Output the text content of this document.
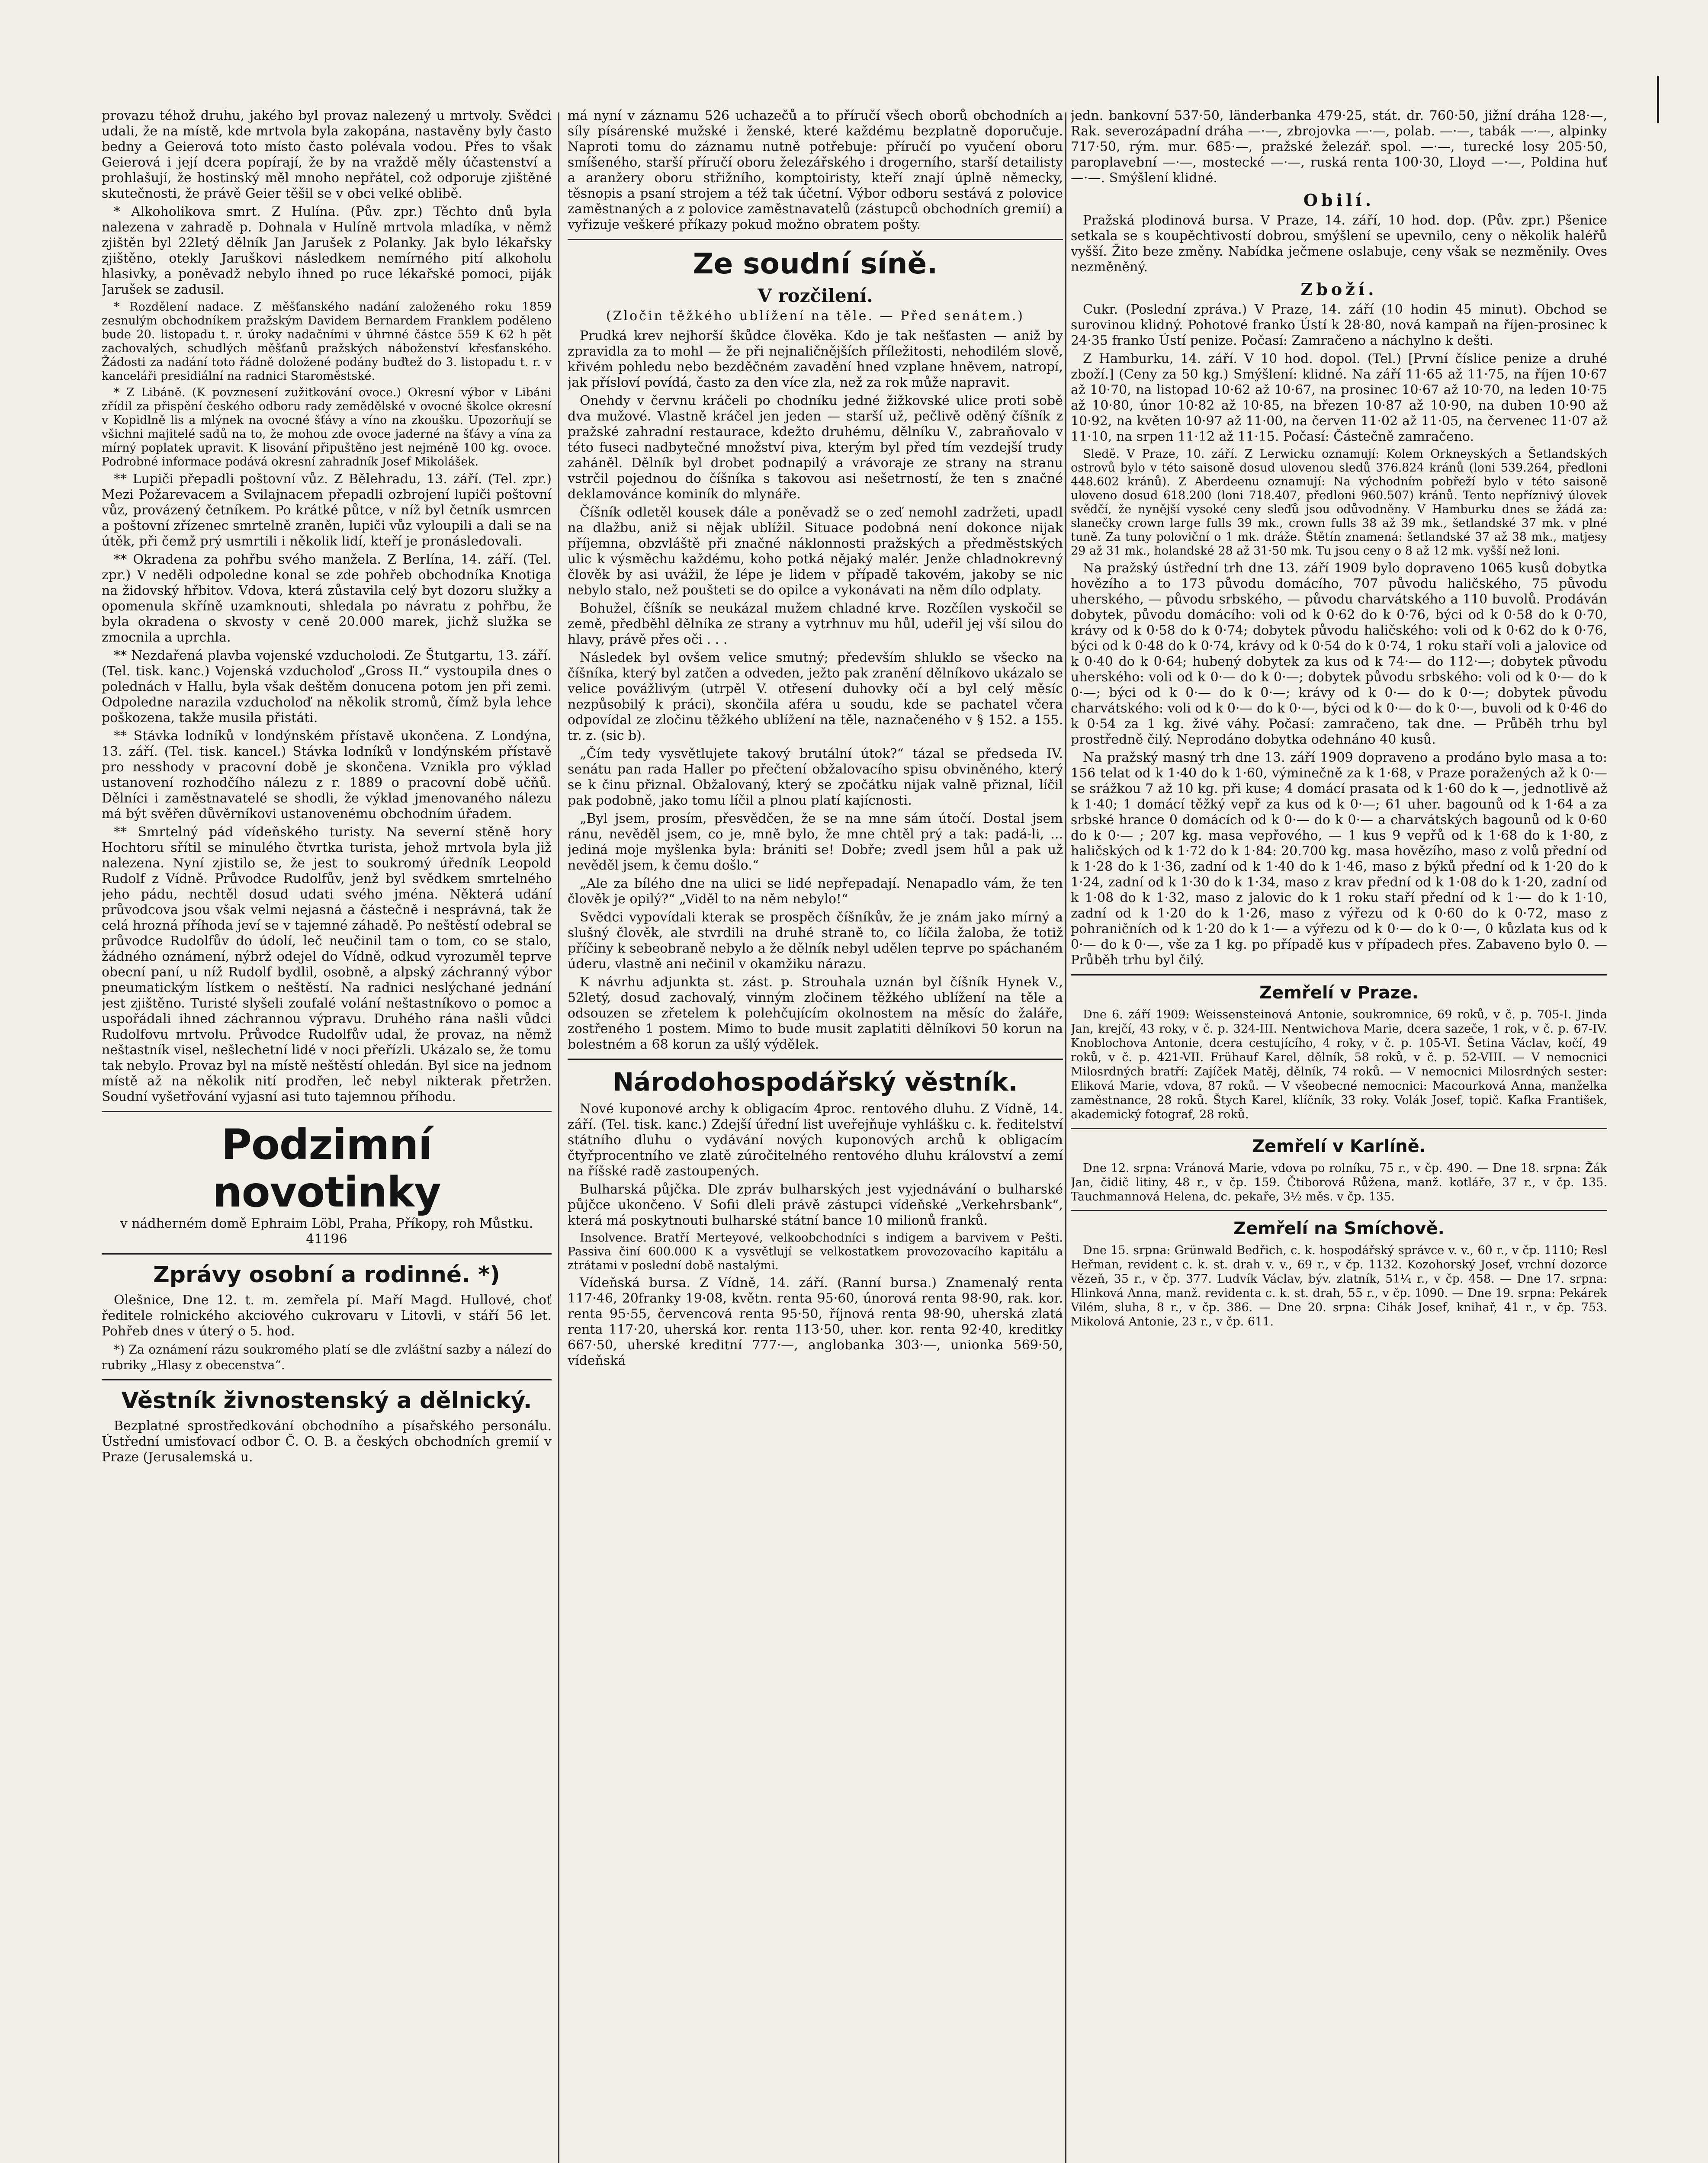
provazu téhož druhu, jakého byl provaz nalezený u mrtvoly. Svědci udali, že na místě, kde mrtvola byla zakopána, nastavěny byly často bedny a Geierová toto místo často polévala vodou. Přes to však Geierová i její dcera popírají, že by na vraždě měly účastenství a prohlašují, že hostinský měl mnoho nepřátel, což odporuje zjištěné skutečnosti, že právě Geier těšil se v obci velké oblibě.

* Alkoholikova smrt. Z Hulína. (Pův. zpr.) Těchto dnů byla nalezena v zahradě p. Dohnala v Hulíně mrtvola mladíka, v němž zjištěn byl 22letý dělník Jan Jarušek z Polanky. Jak bylo lékařsky zjištěno, otekly Jaruškovi následkem nemírného pití alkoholu hlasivky, a poněvadž nebylo ihned po ruce lékařské pomoci, piják Jarušek se zadusil.

* Rozdělení nadace. Z měšťanského nadání založeného roku 1859 zesnulým obchodníkem pražským Davidem Bernardem Franklem poděleno bude 20. listopadu t. r. úroky nadačními v úhrnné částce 559 K 62 h pět zachovalých, schudlých měšťanů pražských náboženství křesťanského. Žádosti za nadání toto řádně doložené podány buďtež do 3. listopadu t. r. v kanceláři presidiální na radnici Staroměstské.

* Z Libáně. (K povznesení zužitkování ovoce.) Okresní výbor v Libáni zřídil za přispění českého odboru rady zemědělské v ovocné školce okresní v Kopidlně lis a mlýnek na ovocné šťávy a víno na zkoušku. Upozorňují se všichni majitelé sadů na to, že mohou zde ovoce jaderné na šťávy a vína za mírný poplatek upravit. K lisování připuštěno jest nejméně 100 kg. ovoce. Podrobné informace podává okresní zahradník Josef Mikolášek.

** Lupiči přepadli poštovní vůz. Z Bělehradu, 13. září. (Tel. zpr.) Mezi Požarevacem a Svilajnacem přepadli ozbrojení lupiči poštovní vůz, provázený četníkem. Po krátké půtce, v níž byl četník usmrcen a poštovní zřízenec smrtelně zraněn, lupiči vůz vyloupili a dali se na útěk, při čemž prý usmrtili i několik lidí, kteří je pronásledovali.

** Okradena za pohřbu svého manžela. Z Berlína, 14. září. (Tel. zpr.) V neděli odpoledne konal se zde pohřeb obchodníka Knotiga na židovský hřbitov. Vdova, která zůstavila celý byt dozoru služky a opomenula skříně uzamknouti, shledala po návratu z pohřbu, že byla okradena o skvosty v ceně 20.000 marek, jichž služka se zmocnila a uprchla.

** Nezdařená plavba vojenské vzducholodi. Ze Štutgartu, 13. září. (Tel. tisk. kanc.) Vojenská vzducholoď „Gross II.“ vystoupila dnes o polednách v Hallu, byla však deštěm donucena potom jen při zemi. Odpoledne narazila vzducholoď na několik stromů, čímž byla lehce poškozena, takže musila přistáti.

** Stávka lodníků v londýnském přístavě ukončena. Z Londýna, 13. září. (Tel. tisk. kancel.) Stávka lodníků v londýnském přístavě pro nesshody v pracovní době je skončena. Vznikla pro výklad ustanovení rozhodčího nálezu z r. 1889 o pracovní době učňů. Dělníci i zaměstnavatelé se shodli, že výklad jmenovaného nálezu má být svěřen důvěrníkovi ustanovenému obchodním úřadem.

** Smrtelný pád vídeňského turisty. Na severní stěně hory Hochtoru sřítil se minulého čtvrtka turista, jehož mrtvola byla již nalezena. Nyní zjistilo se, že jest to soukromý úředník Leopold Rudolf z Vídně. Průvodce Rudolfův, jenž byl svědkem smrtelného jeho pádu, nechtěl dosud udati svého jména. Některá udání průvodcova jsou však velmi nejasná a částečně i nesprávná, tak že celá hrozná příhoda jeví se v tajemné záhadě. Po neštěstí odebral se průvodce Rudolfův do údolí, leč neučinil tam o tom, co se stalo, žádného oznámení, nýbrž odejel do Vídně, odkud vyrozuměl teprve obecní paní, u níž Rudolf bydlil, osobně, a alpský záchranný výbor pneumatickým lístkem o neštěstí. Na radnici neslýchané jednání jest zjištěno. Turisté slyšeli zoufalé volání neštastníkovo o pomoc a uspořádali ihned záchrannou výpravu. Druhého rána našli vůdci Rudolfovu mrtvolu. Průvodce Rudolfův udal, že provaz, na němž neštastník visel, nešlechetní lidé v noci přeřízli. Ukázalo se, že tomu tak nebylo. Provaz byl na místě neštěstí ohledán. Byl sice na jednom místě až na několik nití prodřen, leč nebyl nikterak přetržen. Soudní vyšetřování vyjasní asi tuto tajemnou příhodu.

Podzimní novotinky
v nádherném domě Ephraim Löbl, Praha, Příkopy, roh Můstku. 41196
Zprávy osobní a rodinné. *)

Olešnice, Dne 12. t. m. zemřela pí. Maří Magd. Hullové, choť ředitele rolnického akciového cukrovaru v Litovli, v stáří 56 let. Pohřeb dnes v úterý o 5. hod.

*) Za oznámení rázu soukromého platí se dle zvláštní sazby a nálezí do rubriky „Hlasy z obecenstva“.

Věstník živnostenský a dělnický.

Bezplatné sprostředkování obchodního a písařského personálu. Ústřední umisťovací odbor Č. O. B. a českých obchodních gremií v Praze (Jerusalemská u.

má nyní v záznamu 526 uchazečů a to příručí všech oborů obchodních a síly písárenské mužské i ženské, které každému bezplatně doporučuje. Naproti tomu do záznamu nutně potřebuje: příručí po vyučení oboru smíšeného, starší příručí oboru železářského i drogerního, starší detailisty a aranžery oboru střižního, komptoiristy, kteří znají úplně německy, těsnopis a psaní strojem a též tak účetní. Výbor odboru sestává z polovice zaměstnaných a z polovice zaměstnavatelů (zástupců obchodních gremií) a vyřizuje veškeré příkazy pokud možno obratem pošty.

Ze soudní síně.
V rozčilení.
(Zločin těžkého ublížení na těle. — Před senátem.)

Prudká krev nejhorší škůdce člověka. Kdo je tak nešťasten — aniž by zpravidla za to mohl — že při nejnaličnějších příležitosti, nehodilém slově, křivém pohledu nebo bezděčném zavadění hned vzplane hněvem, natropí, jak přísloví povídá, často za den více zla, než za rok může napravit.

Onehdy v červnu kráčeli po chodníku jedné žižkovské ulice proti sobě dva mužové. Vlastně kráčel jen jeden — starší už, pečlivě oděný číšník z pražské zahradní restaurace, kdežto druhému, dělníku V., zabraňovalo v této fuseci nadbytečné množství piva, kterým byl před tím vezdejší trudy zaháněl. Dělník byl drobet podnapilý a vrávoraje ze strany na stranu vstrčil pojednou do číšníka s takovou asi nešetrností, že ten s značné deklamovánce kominík do mlynáře.

Číšník odletěl kousek dále a poněvadž se o zeď nemohl zadržeti, upadl na dlažbu, aniž si nějak ublížil. Situace podobná není dokonce nijak příjemna, obzvláště při značné náklonnosti pražských a předměstských ulic k výsměchu každému, koho potká nějaký malér. Jenže chladnokrevný člověk by asi uvážil, že lépe je lidem v případě takovém, jakoby se nic nebylo stalo, než poušteti se do opilce a vykonávati na něm dílo odplaty.

Bohužel, číšník se neukázal mužem chladné krve. Rozčílen vyskočil se země, předběhl dělníka ze strany a vytrhnuv mu hůl, udeřil jej vší silou do hlavy, právě přes oči . . .

Následek byl ovšem velice smutný; především shluklo se všecko na číšníka, který byl zatčen a odveden, ježto pak zranění dělníkovo ukázalo se velice povážlivým (utrpěl V. otřesení duhovky očí a byl celý měsíc nezpůsobilý k práci), skončila aféra u soudu, kde se pachatel včera odpovídal ze zločinu těžkého ublížení na těle, naznačeného v § 152. a 155. tr. z. (sic b).

„Čím tedy vysvětlujete takový brutální útok?“ tázal se předseda IV. senátu pan rada Haller po přečtení obžalovacího spisu obviněného, který se k činu přiznal. Obžalovaný, který se zpočátku nijak valně přiznal, líčil pak podobně, jako tomu líčil a plnou platí kajícnosti.

„Byl jsem, prosím, přesvědčen, že se na mne sám útočí. Dostal jsem ránu, nevěděl jsem, co je, mně bylo, že mne chtěl prý a tak: padá-li, ... jediná moje myšlenka byla: brániti se! Dobře; zvedl jsem hůl a pak už nevěděl jsem, k čemu došlo.“

„Ale za bílého dne na ulici se lidé nepřepadají. Nenapadlo vám, že ten člověk je opilý?“ „Viděl to na něm nebylo!“

Svědci vypovídali kterak se prospěch číšníkův, že je znám jako mírný a slušný člověk, ale stvrdili na druhé straně to, co líčila žaloba, že totiž příčiny k sebeobraně nebylo a že dělník nebyl udělen teprve po spáchaném úderu, vlastně ani nečinil v okamžiku nárazu.

K návrhu adjunkta st. zást. p. Strouhala uznán byl číšník Hynek V., 52letý, dosud zachovalý, vinným zločinem těžkého ublížení na těle a odsouzen se zřetelem k polehčujícím okolnostem na měsíc do žaláře, zostřeného 1 postem. Mimo to bude musit zaplatiti dělníkovi 50 korun na bolestném a 68 korun za ušlý výdělek.

Národohospodářský věstník.

Nové kuponové archy k obligacím 4proc. rentového dluhu. Z Vídně, 14. září. (Tel. tisk. kanc.) Zdejší úřední list uveřejňuje vyhlášku c. k. ředitelství státního dluhu o vydávání nových kuponových archů k obligacím čtyřprocentního ve zlatě zúročitelného rentového dluhu království a zemí na říšské radě zastoupených.

Bulharská půjčka. Dle zpráv bulharských jest vyjednávání o bulharské půjčce ukončeno. V Sofii dleli právě zástupci vídeňské „Verkehrsbank“, která má poskytnouti bulharské státní bance 10 milionů franků.

Insolvence. Bratří Merteyové, velkoobchodníci s indigem a barvivem v Pešti. Passiva činí 600.000 K a vysvětlují se velkostatkem provozovacího kapitálu a ztrátami v poslední době nastalými.

Vídeňská bursa. Z Vídně, 14. září. (Ranní bursa.) Znamenalý renta 117·46, 20franky 19·08, květn. renta 95·60, únorová renta 98·90, rak. kor. renta 95·55, červencová renta 95·50, říjnová renta 98·90, uherská zlatá renta 117·20, uherská kor. renta 113·50, uher. kor. renta 92·40, kreditky 667·50, uherské kreditní 777·—, anglobanka 303·—, unionka 569·50, vídeňská

jedn. bankovní 537·50, länderbanka 479·25, stát. dr. 760·50, jižní dráha 128·—, Rak. severozápadní dráha —·—, zbrojovka —·—, polab. —·—, tabák —·—, alpinky 717·50, rým. mur. 685·—, pražské železář. spol. —·—, turecké losy 205·50, paroplavební —·—, mostecké —·—, ruská renta 100·30, Lloyd —·—, Poldina huť —·—. Smýšlení klidné.

Obilí.

Pražská plodinová bursa. V Praze, 14. září, 10 hod. dop. (Pův. zpr.) Pšenice setkala se s koupěchtivostí dobrou, smýšlení se upevnilo, ceny o několik haléřů vyšší. Žito beze změny. Nabídka ječmene oslabuje, ceny však se nezměnily. Oves nezměněný.

Zboží.

Cukr. (Poslední zpráva.) V Praze, 14. září (10 hodin 45 minut). Obchod se surovinou klidný. Pohotové franko Ústí k 28·80, nová kampaň na říjen-prosinec k 24·35 franko Ústí penize. Počasí: Zamračeno a náchylno k dešti.

Z Hamburku, 14. září. V 10 hod. dopol. (Tel.) [První číslice penize a druhé zboží.] (Ceny za 50 kg.) Smýšlení: klidné. Na září 11·65 až 11·75, na říjen 10·67 až 10·70, na listopad 10·62 až 10·67, na prosinec 10·67 až 10·70, na leden 10·75 až 10·80, únor 10·82 až 10·85, na březen 10·87 až 10·90, na duben 10·90 až 10·92, na květen 10·97 až 11·00, na červen 11·02 až 11·05, na červenec 11·07 až 11·10, na srpen 11·12 až 11·15. Počasí: Částečně zamračeno.

Sledě. V Praze, 10. září. Z Lerwicku oznamují: Kolem Orkneyských a Šetlandských ostrovů bylo v této saisoně dosud ulovenou sledů 376.824 kránů (loni 539.264, předloni 448.602 kránů). Z Aberdeenu oznamují: Na východním pobřeží bylo v této saisoně uloveno dosud 618.200 (loni 718.407, předloni 960.507) kránů. Tento nepříznivý úlovek svědčí, že nynější vysoké ceny sleďů jsou odůvodněny. V Hamburku dnes se žádá za: slanečky crown large fulls 39 mk., crown fulls 38 až 39 mk., šetlandské 37 mk. v plné tuně. Za tuny poloviční o 1 mk. dráže. Štětín znamená: šetlandské 37 až 38 mk., matjesy 29 až 31 mk., holandské 28 až 31·50 mk. Tu jsou ceny o 8 až 12 mk. vyšší než loni.

Na pražský ústřední trh dne 13. září 1909 bylo dopraveno 1065 kusů dobytka hovězího a to 173 původu domácího, 707 původu haličského, 75 původu uherského, — původu srbského, — původu charvátského a 110 buvolů. Prodáván dobytek, původu domácího: voli od k 0·62 do k 0·76, býci od k 0·58 do k 0·70, krávy od k 0·58 do k 0·74; dobytek původu haličského: voli od k 0·62 do k 0·76, býci od k 0·48 do k 0·74, krávy od k 0·54 do k 0·74, 1 roku staří voli a jalovice od k 0·40 do k 0·64; hubený dobytek za kus od k 74·— do 112·—; dobytek původu uherského: voli od k 0·— do k 0·—; dobytek původu srbského: voli od k 0·— do k 0·—; býci od k 0·— do k 0·—; krávy od k 0·— do k 0·—; dobytek původu charvátského: voli od k 0·— do k 0·—, býci od k 0·— do k 0·—, buvoli od k 0·46 do k 0·54 za 1 kg. živé váhy. Počasí: zamračeno, tak dne. — Průběh trhu byl prostředně čilý. Neprodáno dobytka odehnáno 40 kusů.

Na pražský masný trh dne 13. září 1909 dopraveno a prodáno bylo masa a to: 156 telat od k 1·40 do k 1·60, výminečně za k 1·68, v Praze poražených až k 0·— se srážkou 7 až 10 kg. při kuse; 4 domácí prasata od k 1·60 do k —, jednotlivě až k 1·40; 1 domácí těžký vepř za kus od k 0·—; 61 uher. bagounů od k 1·64 a za srbské hrance 0 domácích od k 0·— do k 0·— a charvátských bagounů od k 0·60 do k 0·— ; 207 kg. masa vepřového, — 1 kus 9 vepřů od k 1·68 do k 1·80, z haličských od k 1·72 do k 1·84: 20.700 kg. masa hovězího, maso z volů přední od k 1·28 do k 1·36, zadní od k 1·40 do k 1·46, maso z býků přední od k 1·20 do k 1·24, zadní od k 1·30 do k 1·34, maso z krav přední od k 1·08 do k 1·20, zadní od k 1·08 do k 1·32, maso z jalovic do k 1 roku staří přední od k 1·— do k 1·10, zadní od k 1·20 do k 1·26, maso z výřezu od k 0·60 do k 0·72, maso z pohraničních od k 1·20 do k 1·— a výřezu od k 0·— do k 0·—, 0 kůzlata kus od k 0·— do k 0·—, vše za 1 kg. po případě kus v případech přes. Zabaveno bylo 0. — Průběh trhu byl čilý.

Zemřelí v Praze.

Dne 6. září 1909: Weissensteinová Antonie, soukromnice, 69 roků, v č. p. 705-I. Jinda Jan, krejčí, 43 roky, v č. p. 324-III. Nentwichova Marie, dcera sazeče, 1 rok, v č. p. 67-IV. Knoblochova Antonie, dcera cestujícího, 4 roky, v č. p. 105-VI. Šetina Václav, kočí, 49 roků, v č. p. 421-VII. Frühauf Karel, dělník, 58 roků, v č. p. 52-VIII. — V nemocnici Milosrdných bratří: Zajíček Matěj, dělník, 74 roků. — V nemocnici Milosrdných sester: Eliková Marie, vdova, 87 roků. — V všeobecné nemocnici: Macourková Anna, manželka zaměstnance, 28 roků. Štych Karel, klíčník, 33 roky. Volák Josef, topič. Kafka František, akademický fotograf, 28 roků.

Zemřelí v Karlíně.

Dne 12. srpna: Vránová Marie, vdova po rolníku, 75 r., v čp. 490. — Dne 18. srpna: Žák Jan, čidič litiny, 48 r., v čp. 159. Čtiborová Růžena, manž. kotláře, 37 r., v čp. 135. Tauchmannová Helena, dc. pekaře, 3½ měs. v čp. 135.

Zemřelí na Smíchově.

Dne 15. srpna: Grünwald Bedřich, c. k. hospodářský správce v. v., 60 r., v čp. 1110; Resl Heřman, revident c. k. st. drah v. v., 69 r., v čp. 1132. Kozohorský Josef, vrchní dozorce vězeň, 35 r., v čp. 377. Ludvík Václav, býv. zlatník, 51¼ r., v čp. 458. — Dne 17. srpna: Hlinková Anna, manž. revidenta c. k. st. drah, 55 r., v čp. 1090. — Dne 19. srpna: Pekárek Vilém, sluha, 8 r., v čp. 386. — Dne 20. srpna: Cihák Josef, knihař, 41 r., v čp. 753. Mikolová Antonie, 23 r., v čp. 611.
